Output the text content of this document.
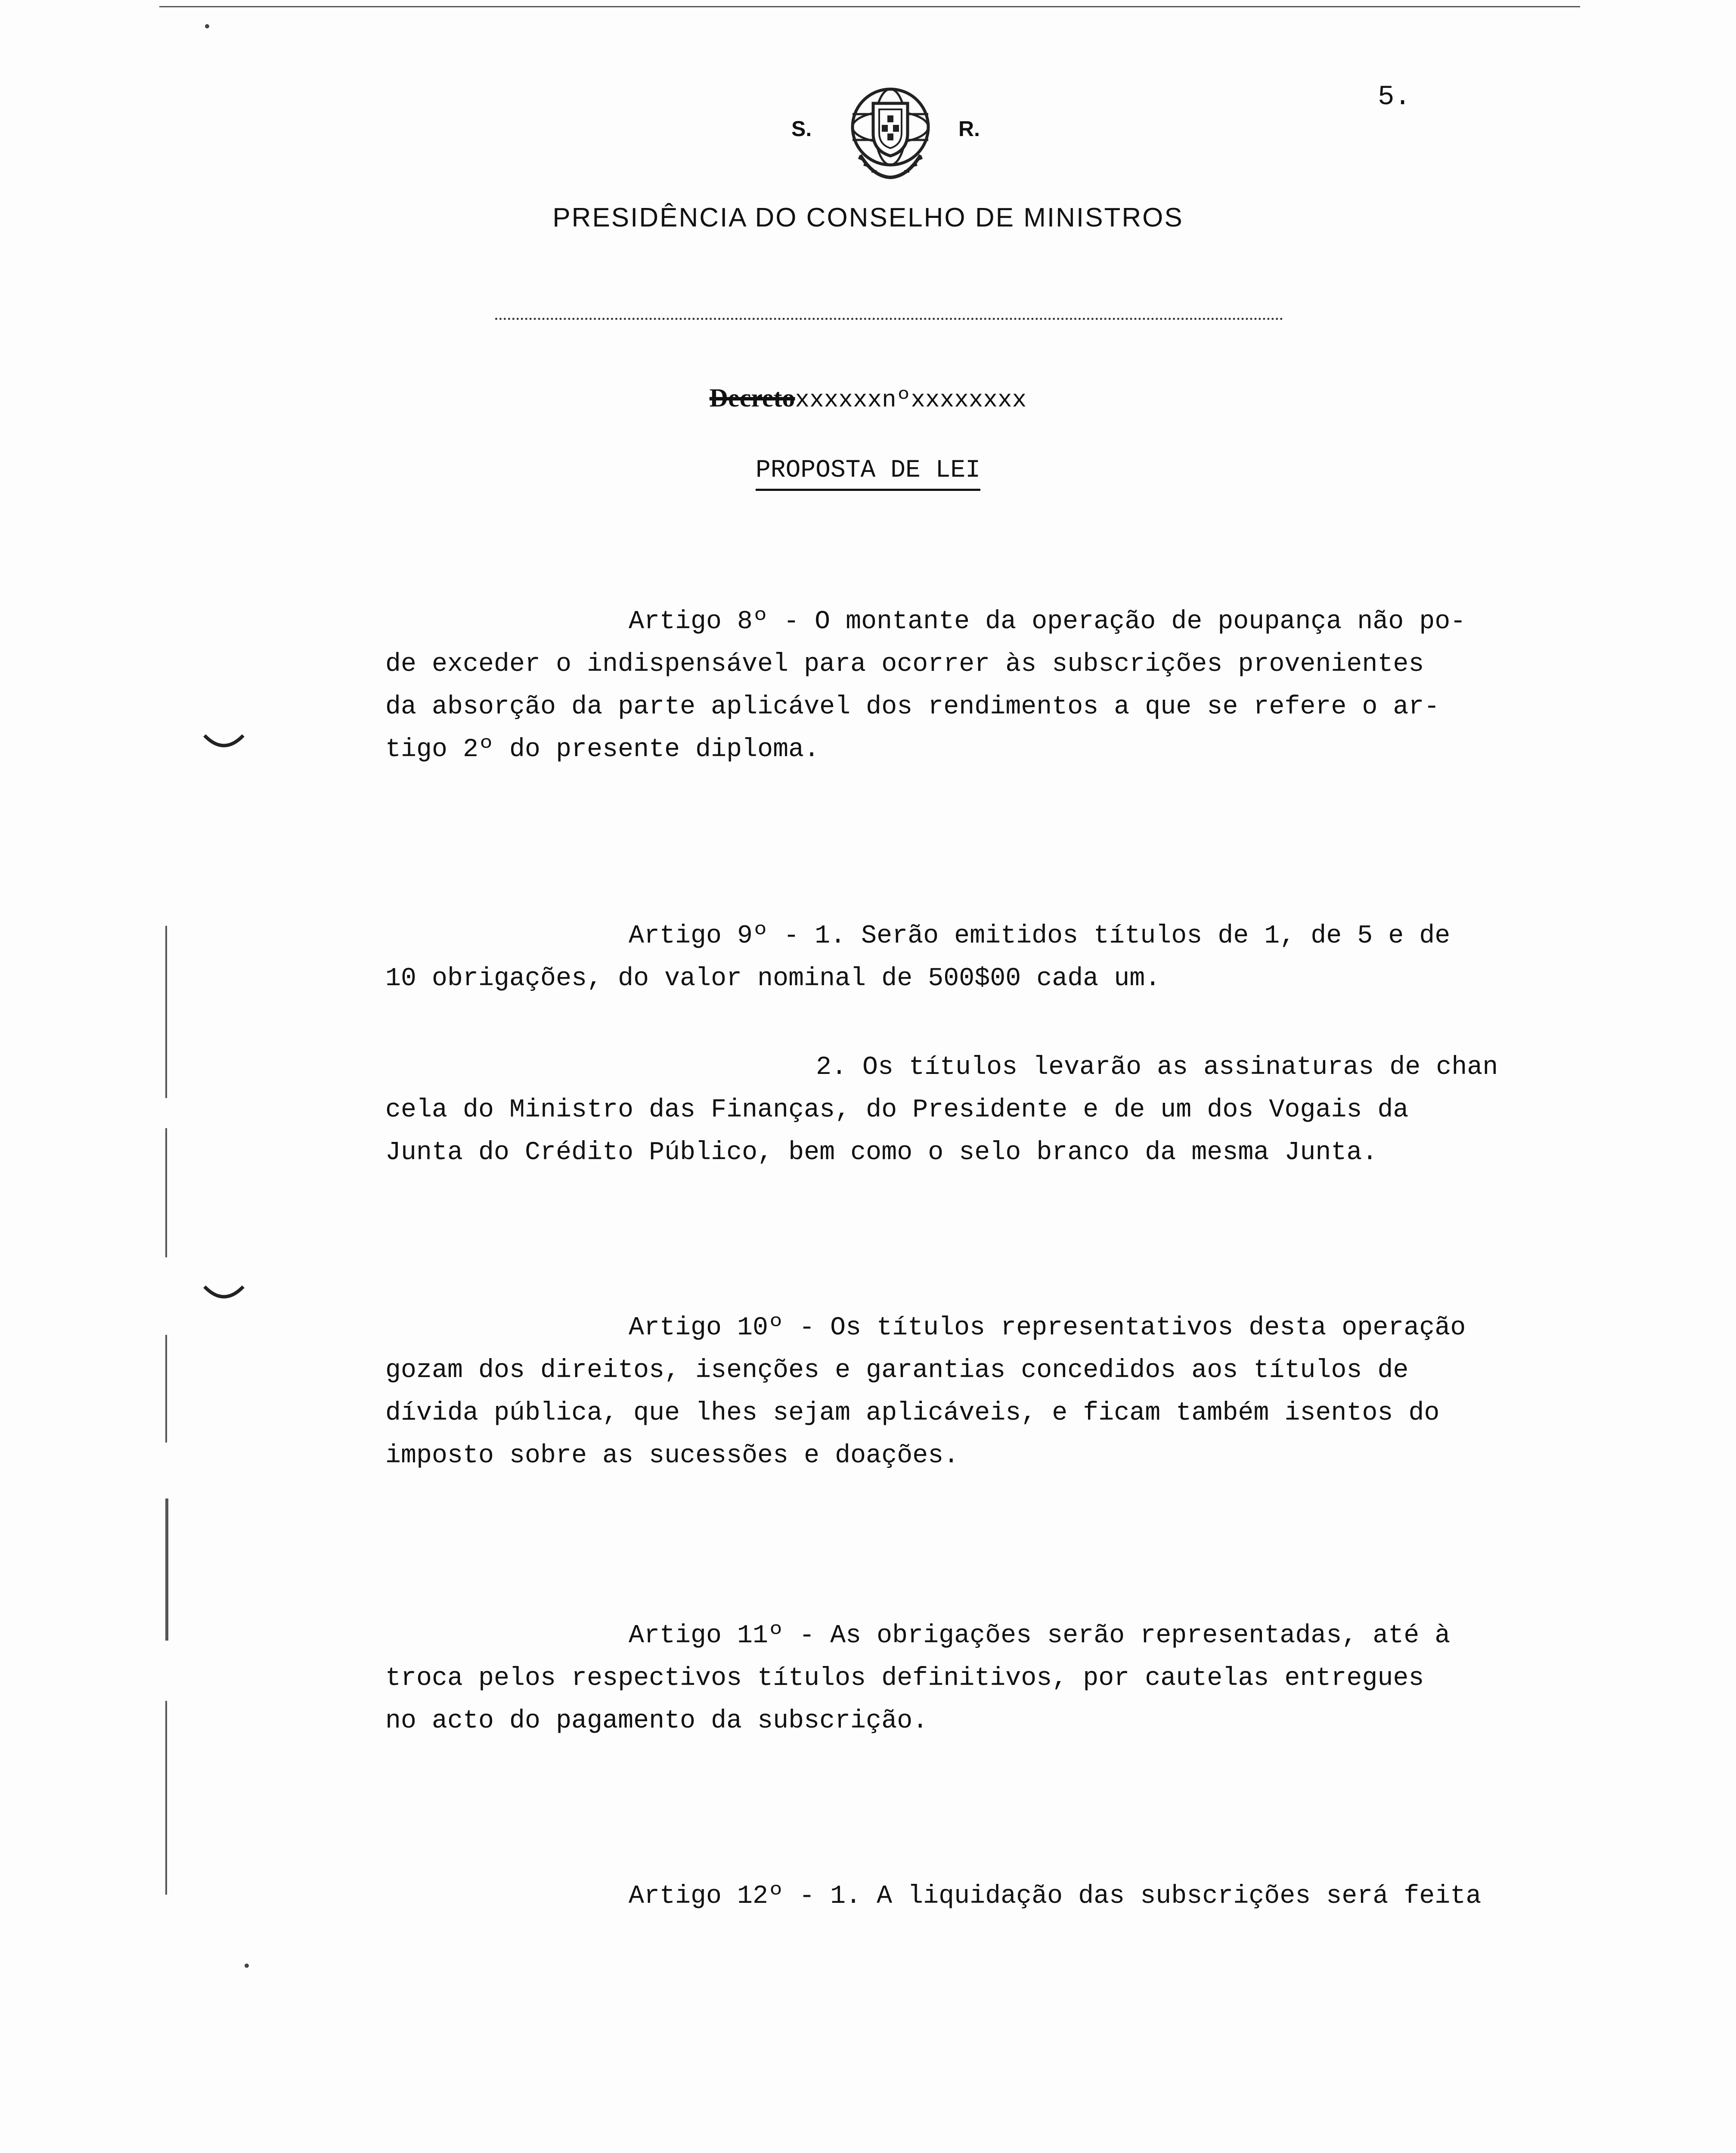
5.
S.	R.
PRESIDÊNCIA DO CONSELHO DE MINISTROS
Decretoxxxxxxnºxxxxxxxx
PROPOSTA DE LEI
Artigo 8º - O montante da operação de poupança não po-
de exceder o indispensável para ocorrer às subscrições provenientes
da absorção da parte aplicável dos rendimentos a que se refere o ar-
tigo 2º do presente diploma.
Artigo 9º - 1. Serão emitidos títulos de 1, de 5 e de
10 obrigações, do valor nominal de 500$00 cada um.
2. Os títulos levarão as assinaturas de chan
cela do Ministro das Finanças, do Presidente e de um dos Vogais da
Junta do Crédito Público, bem como o selo branco da mesma Junta.
Artigo 10º - Os títulos representativos desta operação
gozam dos direitos, isenções e garantias concedidos aos títulos de
dívida pública, que lhes sejam aplicáveis, e ficam também isentos do
imposto sobre as sucessões e doações.
Artigo 11º - As obrigações serão representadas, até à
troca pelos respectivos títulos definitivos, por cautelas entregues
no acto do pagamento da subscrição.
Artigo 12º - 1. A liquidação das subscrições será feita
